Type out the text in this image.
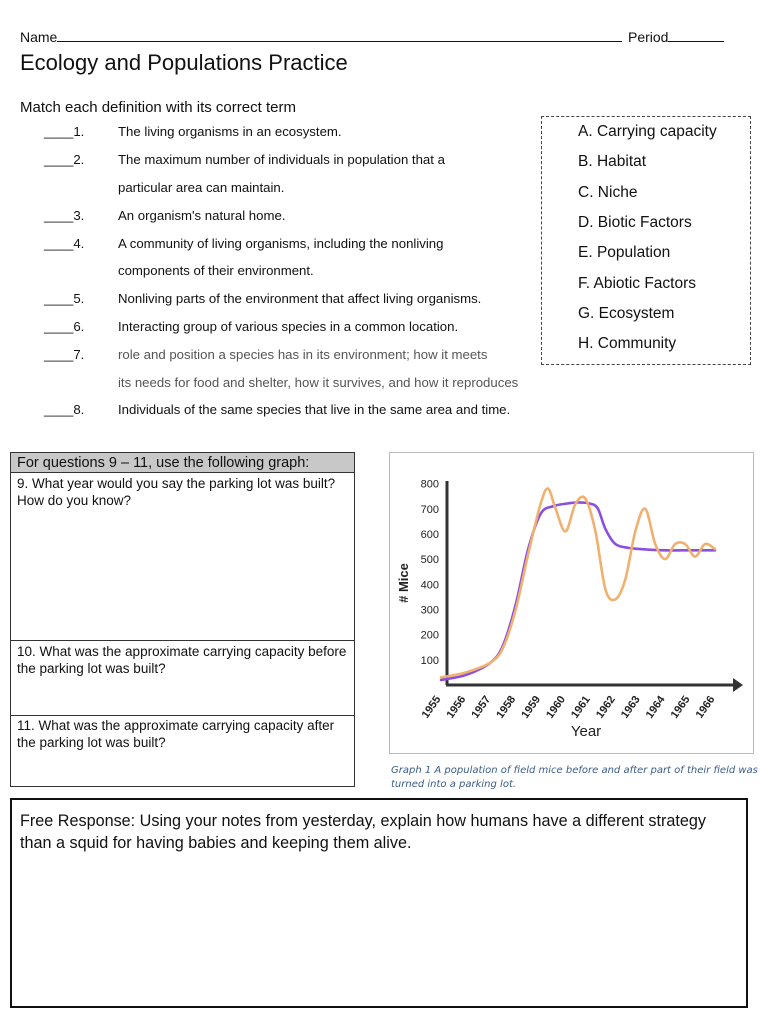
Name	Period
Ecology and Populations Practice
Match each definition with its correct term
____1.	The living organisms in an ecosystem.
____2.	The maximum number of individuals in population that a
particular area can maintain.
____3.	An organism's natural home.
____4.	A community of living organisms, including the nonliving
components of their environment.
____5.	Nonliving parts of the environment that affect living organisms.
____6.	Interacting group of various species in a common location.
____7.	role and position a species has in its environment; how it meets
its needs for food and shelter, how it survives, and how it reproduces
____8.	Individuals of the same species that live in the same area and time.
A. Carrying capacity
B. Habitat
C. Niche
D. Biotic Factors
E. Population
F. Abiotic Factors
G. Ecosystem
H. Community
For questions 9 – 11, use the following graph:
9. What year would you say the parking lot was built? How do you know?
10. What was the approximate carrying capacity before the parking lot was built?
11. What was the approximate carrying capacity after the parking lot was built?
100
200
300
400
500
600
700
800
1955 1956 1957 1958 1959 1960 1961 1962 1963 1964 1965 1966
# Mice
Year
Graph 1 A population of field mice before and after part of their field was turned into a parking lot.
Free Response: Using your notes from yesterday, explain how humans have a different strategy than a squid for having babies and keeping them alive.
